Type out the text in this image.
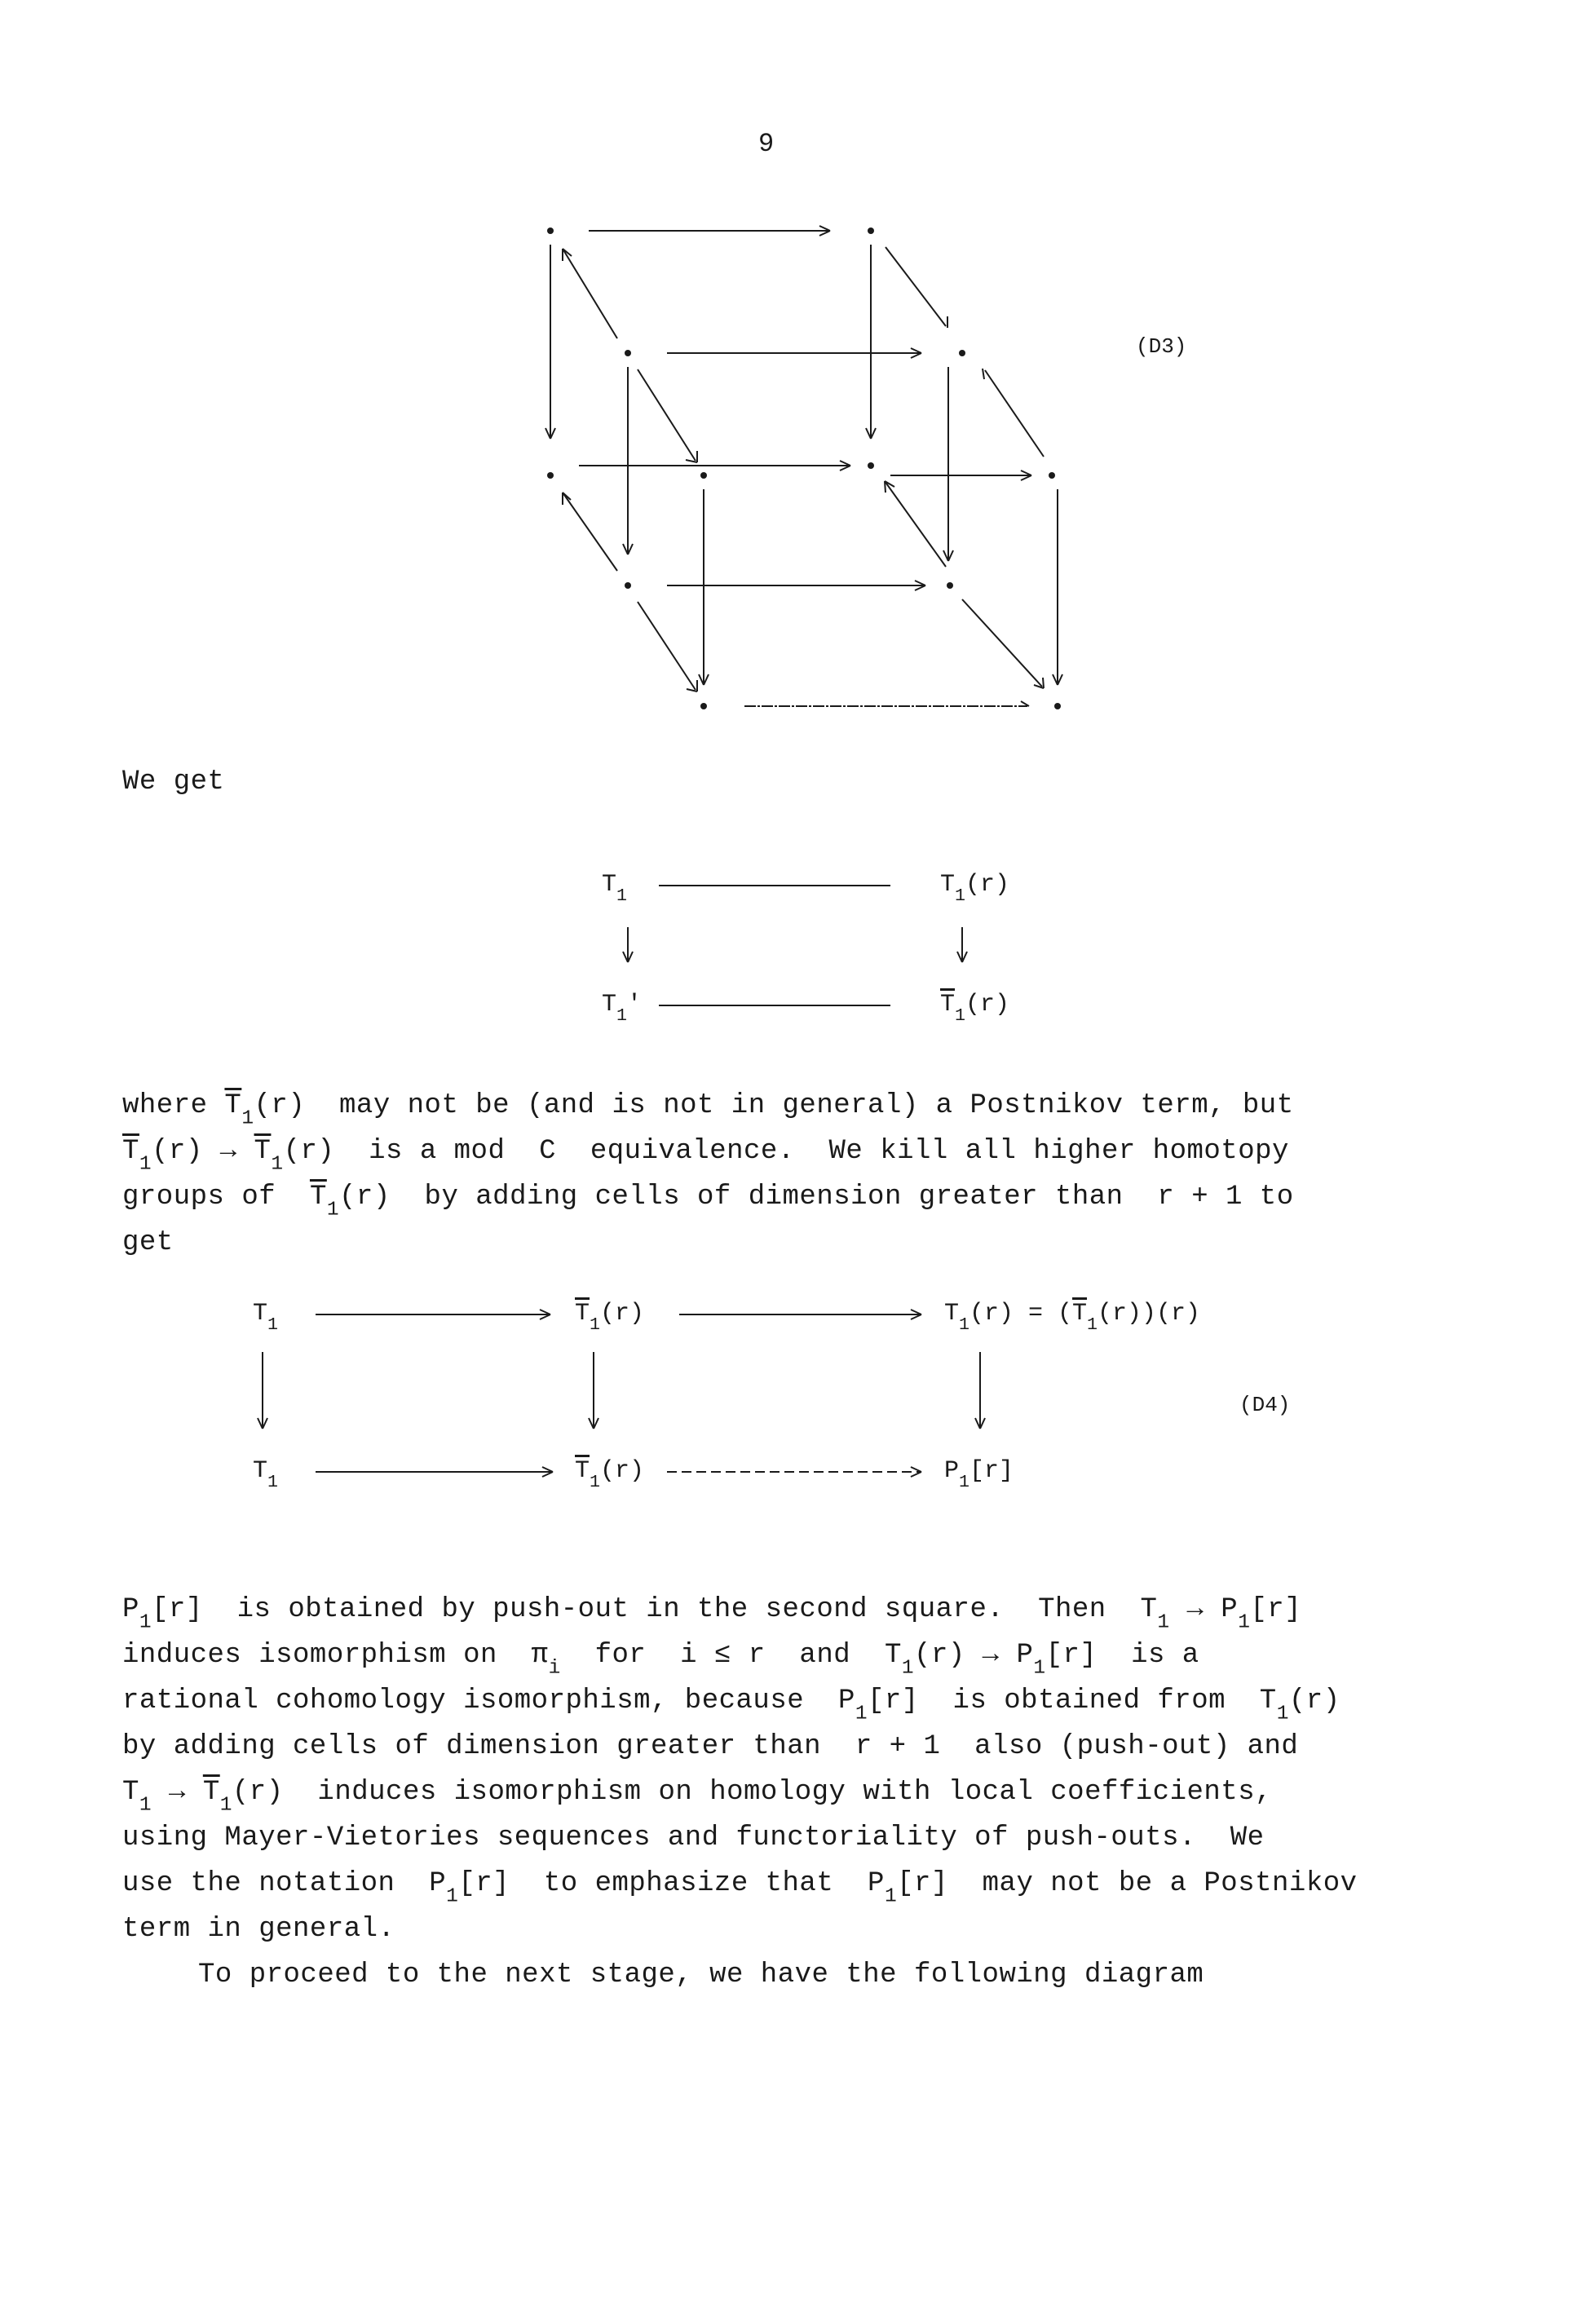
9
(D3)
We get
$T_1$	$T_1(r)$
$T_1'$	$\overline{T}_1(r)$
where $\overline{T}_1(r)$  may not be (and is not in general) a Postnikov term, but
$\overline{T}_1(r) \to \overline{T}_1(r)$  is a mod  C  equivalence.  We kill all higher homotopy
groups of  $\overline{T}_1(r)$  by adding cells of dimension greater than  r + 1 to
get
$T_1$	$\overline{T}_1(r)$	$T_1(r) = (\overline{T}_1(r))(r)$
(D4)
$T_1$	$\overline{T}_1(r)$	$P_1[r]$
$P_1[r]$  is obtained by push-out in the second square.  Then  $T_1 \to P_1[r]$
induces isomorphism on  $\pi_i$  for  i ≤ r  and  $T_1(r) \to P_1[r]$  is a
rational cohomology isomorphism, because  $P_1[r]$  is obtained from  $T_1(r)$
by adding cells of dimension greater than  r + 1  also (push-out) and
$T_1 \to \overline{T}_1(r)$  induces isomorphism on homology with local coefficients,
using Mayer-Vietories sequences and functoriality of push-outs.  We
use the notation  $P_1[r]$  to emphasize that  $P_1[r]$  may not be a Postnikov
term in general.
To proceed to the next stage, we have the following diagram
